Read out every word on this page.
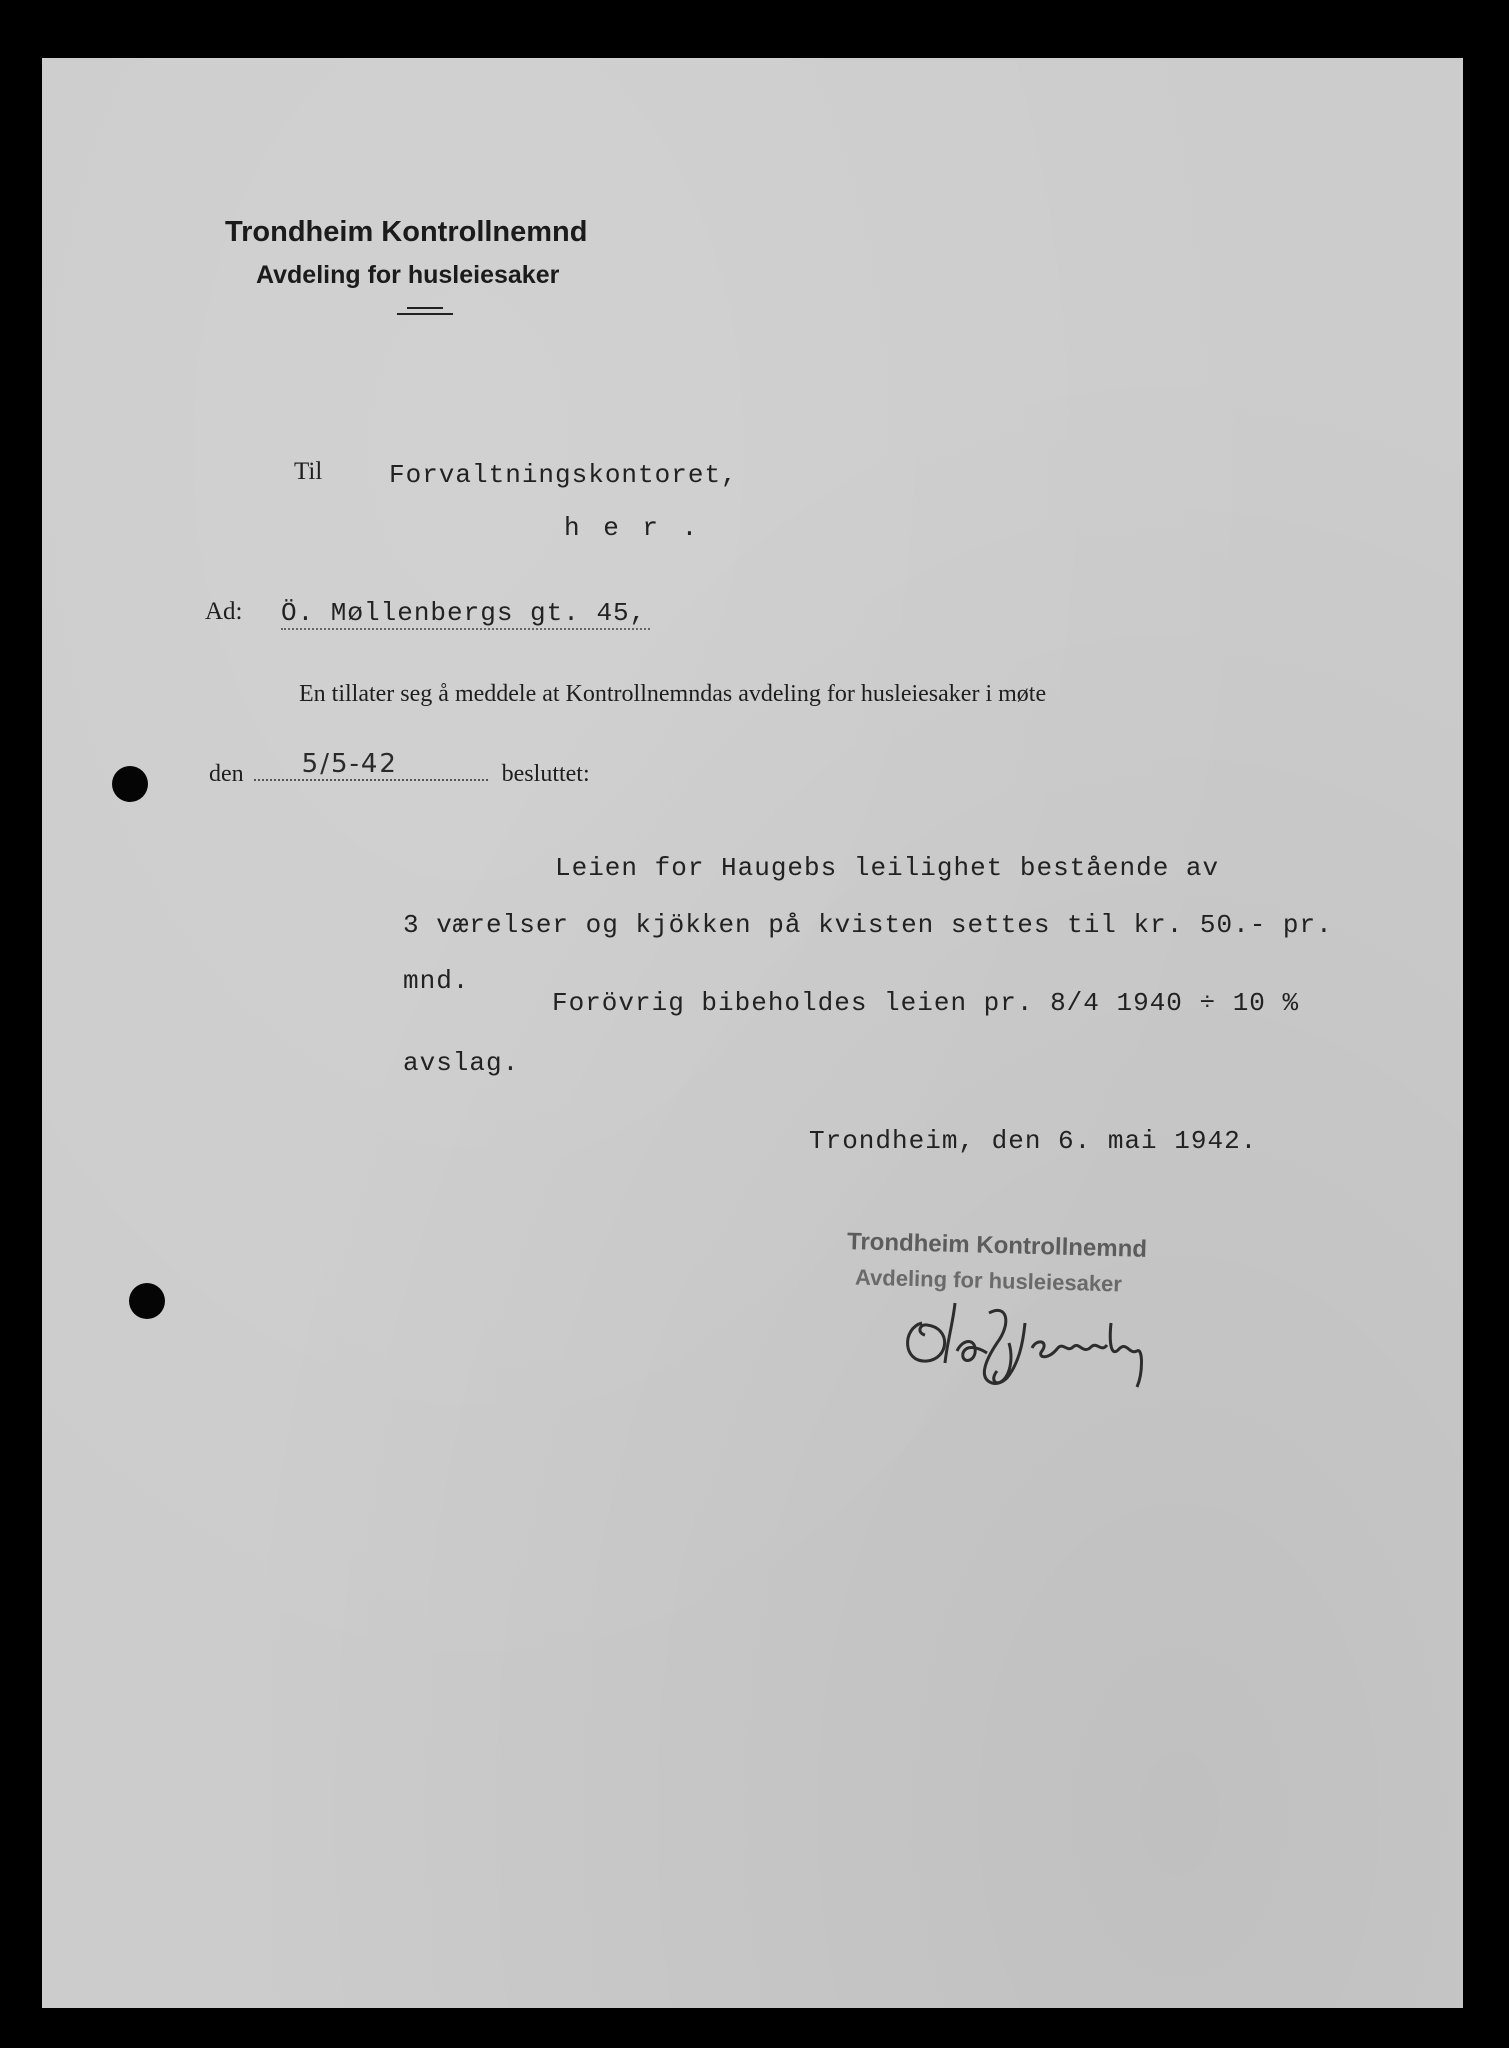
Trondheim Kontrollnemnd
Avdeling for husleiesaker
Til	Forvaltningskontoret,
h e r .
Ad: Ö. Møllenbergs gt. 45,
En tillater seg å meddele at Kontrollnemndas avdeling for husleiesaker i møte
den 5/5-42	besluttet:
Leien for Haugebs leilighet bestående av
3 værelser og kjökken på kvisten settes til kr. 50.- pr.
mnd.
Forövrig bibeholdes leien pr. 8/4 1940 ÷ 10 %
avslag.
Trondheim, den 6. mai 1942.
Trondheim Kontrollnemnd
Avdeling for husleiesaker
